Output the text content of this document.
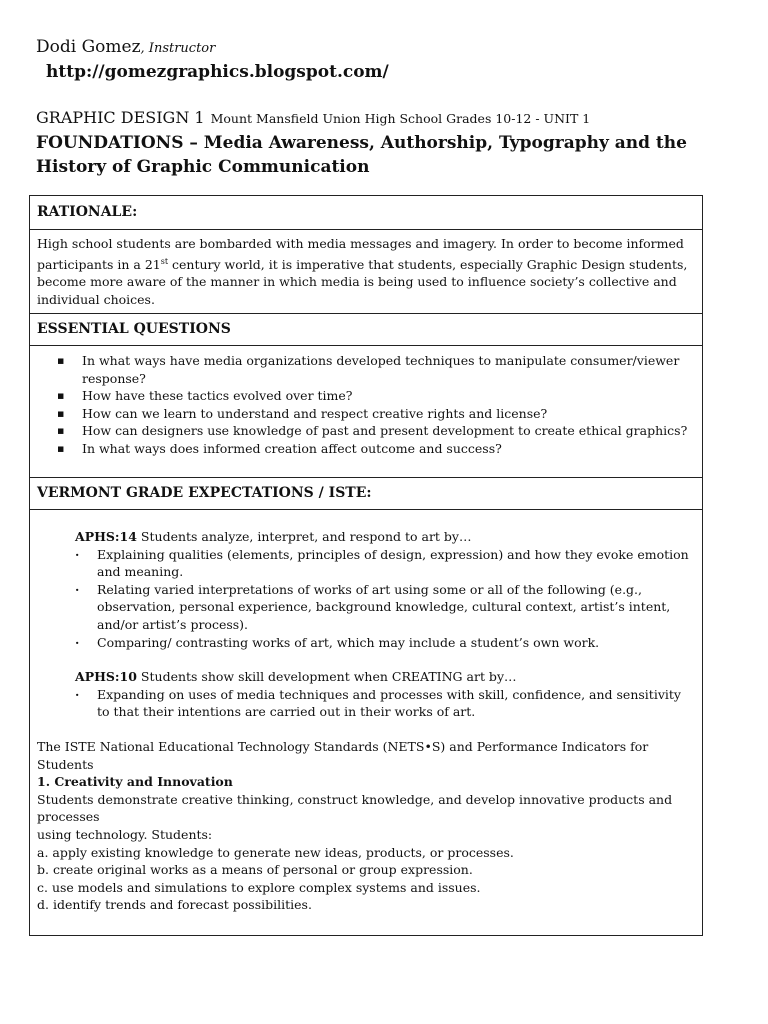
Dodi Gomez, Instructor
http://gomezgraphics.blogspot.com/
GRAPHIC DESIGN 1 Mount Mansfield Union High School Grades 10-12 - UNIT 1
FOUNDATIONS – Media Awareness, Authorship, Typography and the History of Graphic Communication
RATIONALE:
High school students are bombarded with media messages and imagery. In order to become informed participants in a 21st century world, it is imperative that students, especially Graphic Design students, become more aware of the manner in which media is being used to influence society’s collective and individual choices.
ESSENTIAL QUESTIONS
▪ In what ways have media organizations developed techniques to manipulate consumer/viewer response?
▪ How have these tactics evolved over time?
▪ How can we learn to understand and respect creative rights and license?
▪ How can designers use knowledge of past and present development to create ethical graphics?
▪ In what ways does informed creation affect outcome and success?
VERMONT GRADE EXPECTATIONS / ISTE:
APHS:14 Students analyze, interpret, and respond to art by…
· Explaining qualities (elements, principles of design, expression) and how they evoke emotion and meaning.
· Relating varied interpretations of works of art using some or all of the following (e.g., observation, personal experience, background knowledge, cultural context, artist’s intent, and/or artist’s process).
· Comparing/ contrasting works of art, which may include a student’s own work.
APHS:10 Students show skill development when CREATING art by…
· Expanding on uses of media techniques and processes with skill, confidence, and sensitivity to that their intentions are carried out in their works of art.
The ISTE National Educational Technology Standards (NETS•S) and Performance Indicators for Students
1. Creativity and Innovation
Students demonstrate creative thinking, construct knowledge, and develop innovative products and processes
using technology. Students:
a. apply existing knowledge to generate new ideas, products, or processes.
b. create original works as a means of personal or group expression.
c. use models and simulations to explore complex systems and issues.
d. identify trends and forecast possibilities.
